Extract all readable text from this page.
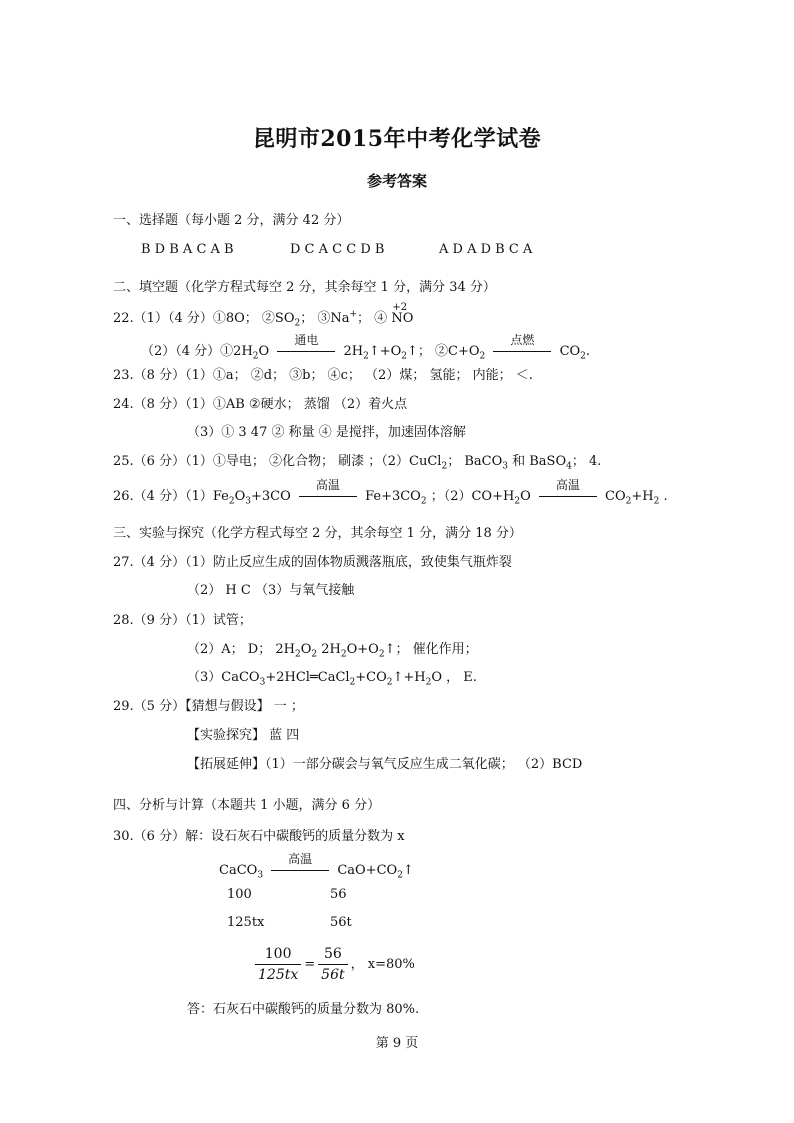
昆明市2015年中考化学试卷
参考答案
一、选择题（每小题 2 分，满分 42 分）
B D B A C A B	D C A C C D B	A D A D B C A
二、填空题（化学方程式每空 2 分，其余每空 1 分，满分 34 分）
22.（1）（4 分）①8O； $②SO_2$； ③Na+； ④
+2
NO
（2）（4 分）$①2H_2O$
通电
$2H_2↑+O_2↑$； $②C+O_2$
点燃
$CO_2$.
23.（8 分）（1）①a； ②d； ③b； ④c； （2）煤； 氢能； 内能； ＜.
24.（8 分）（1）①AB ②硬水； 蒸馏 （2）着火点
（3）① 3 47 ② 称量 ④ 是搅拌，加速固体溶解
25.（6 分）（1）①导电； ②化合物； 刷漆 ；（2）CuCl$_2$； BaCO$_3$ 和 BaSO$_4$； 4.
26.（4 分）$(1)Fe_2O_3+3CO$
高温
$Fe+3CO_2$ ；$(2)CO+H_2O$
高温
$CO_2+H_2$ .
三、实验与探究（化学方程式每空 2 分，其余每空 1 分，满分 18 分）
27.（4 分）（1）防止反应生成的固体物质溅落瓶底，致使集气瓶炸裂
（2） H C （3）与氧气接触
28.（9 分）（1）试管；
（2）A； D； $2H_2O_2$ $2H_2O+O_2↑$； 催化作用；
$(3)CaCO_3+2HCl═CaCl_2+CO_2↑+H_2O$ ， E.
29.（5 分）【猜想与假设】 一 ；
【实验探究】 蓝 四
【拓展延伸】（1）一部分碳会与氧气反应生成二氧化碳； （2）BCD
四、分析与计算（本题共 1 小题，满分 6 分）
30.（6 分）解：设石灰石中碳酸钙的质量分数为 x
CaCO$_3$
高温
$CaO+CO_2↑$
100	56
125tx	56t
$\frac{100}{125tx} = \frac{56}{56t}$ ， x=80%
答：石灰石中碳酸钙的质量分数为 80%.
第 9 页
